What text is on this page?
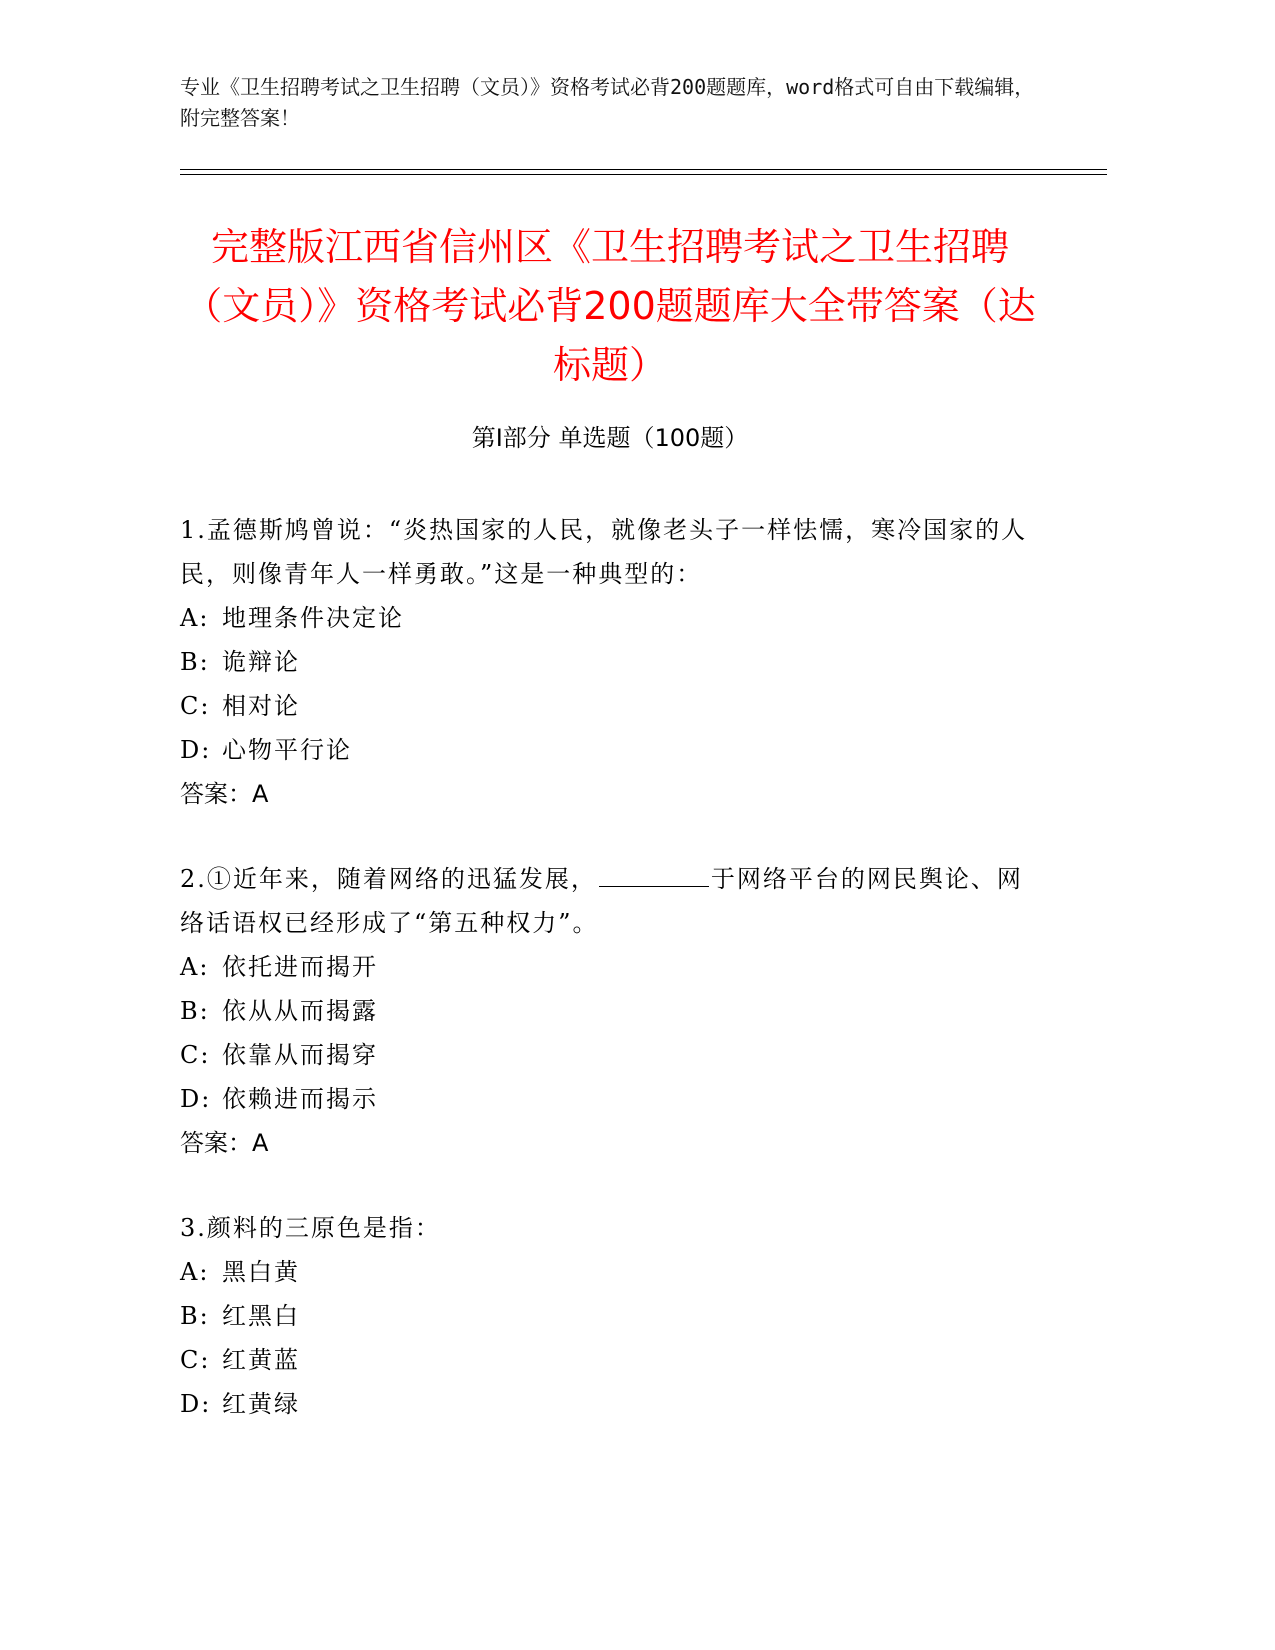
专业《卫生招聘考试之卫生招聘（文员）》资格考试必背200题题库，word格式可自由下载编辑，附完整答案！
完整版江西省信州区《卫生招聘考试之卫生招聘（文员）》资格考试必背200题题库大全带答案（达标题）
第Ⅰ部分 单选题（100题）

1.孟德斯鸠曾说：“炎热国家的人民，就像老头子一样怯懦，寒冷国家的人民，则像青年人一样勇敢。”这是一种典型的：

A: 地理条件决定论

B: 诡辩论

C: 相对论

D: 心物平行论

答案：A

2.①近年来，随着网络的迅猛发展，	于网络平台的网民舆论、网络话语权已经形成了“第五种权力”。

A: 依托进而揭开

B: 依从从而揭露

C: 依靠从而揭穿

D: 依赖进而揭示

答案：A

3.颜料的三原色是指：

A: 黑白黄

B: 红黑白

C: 红黄蓝

D: 红黄绿
